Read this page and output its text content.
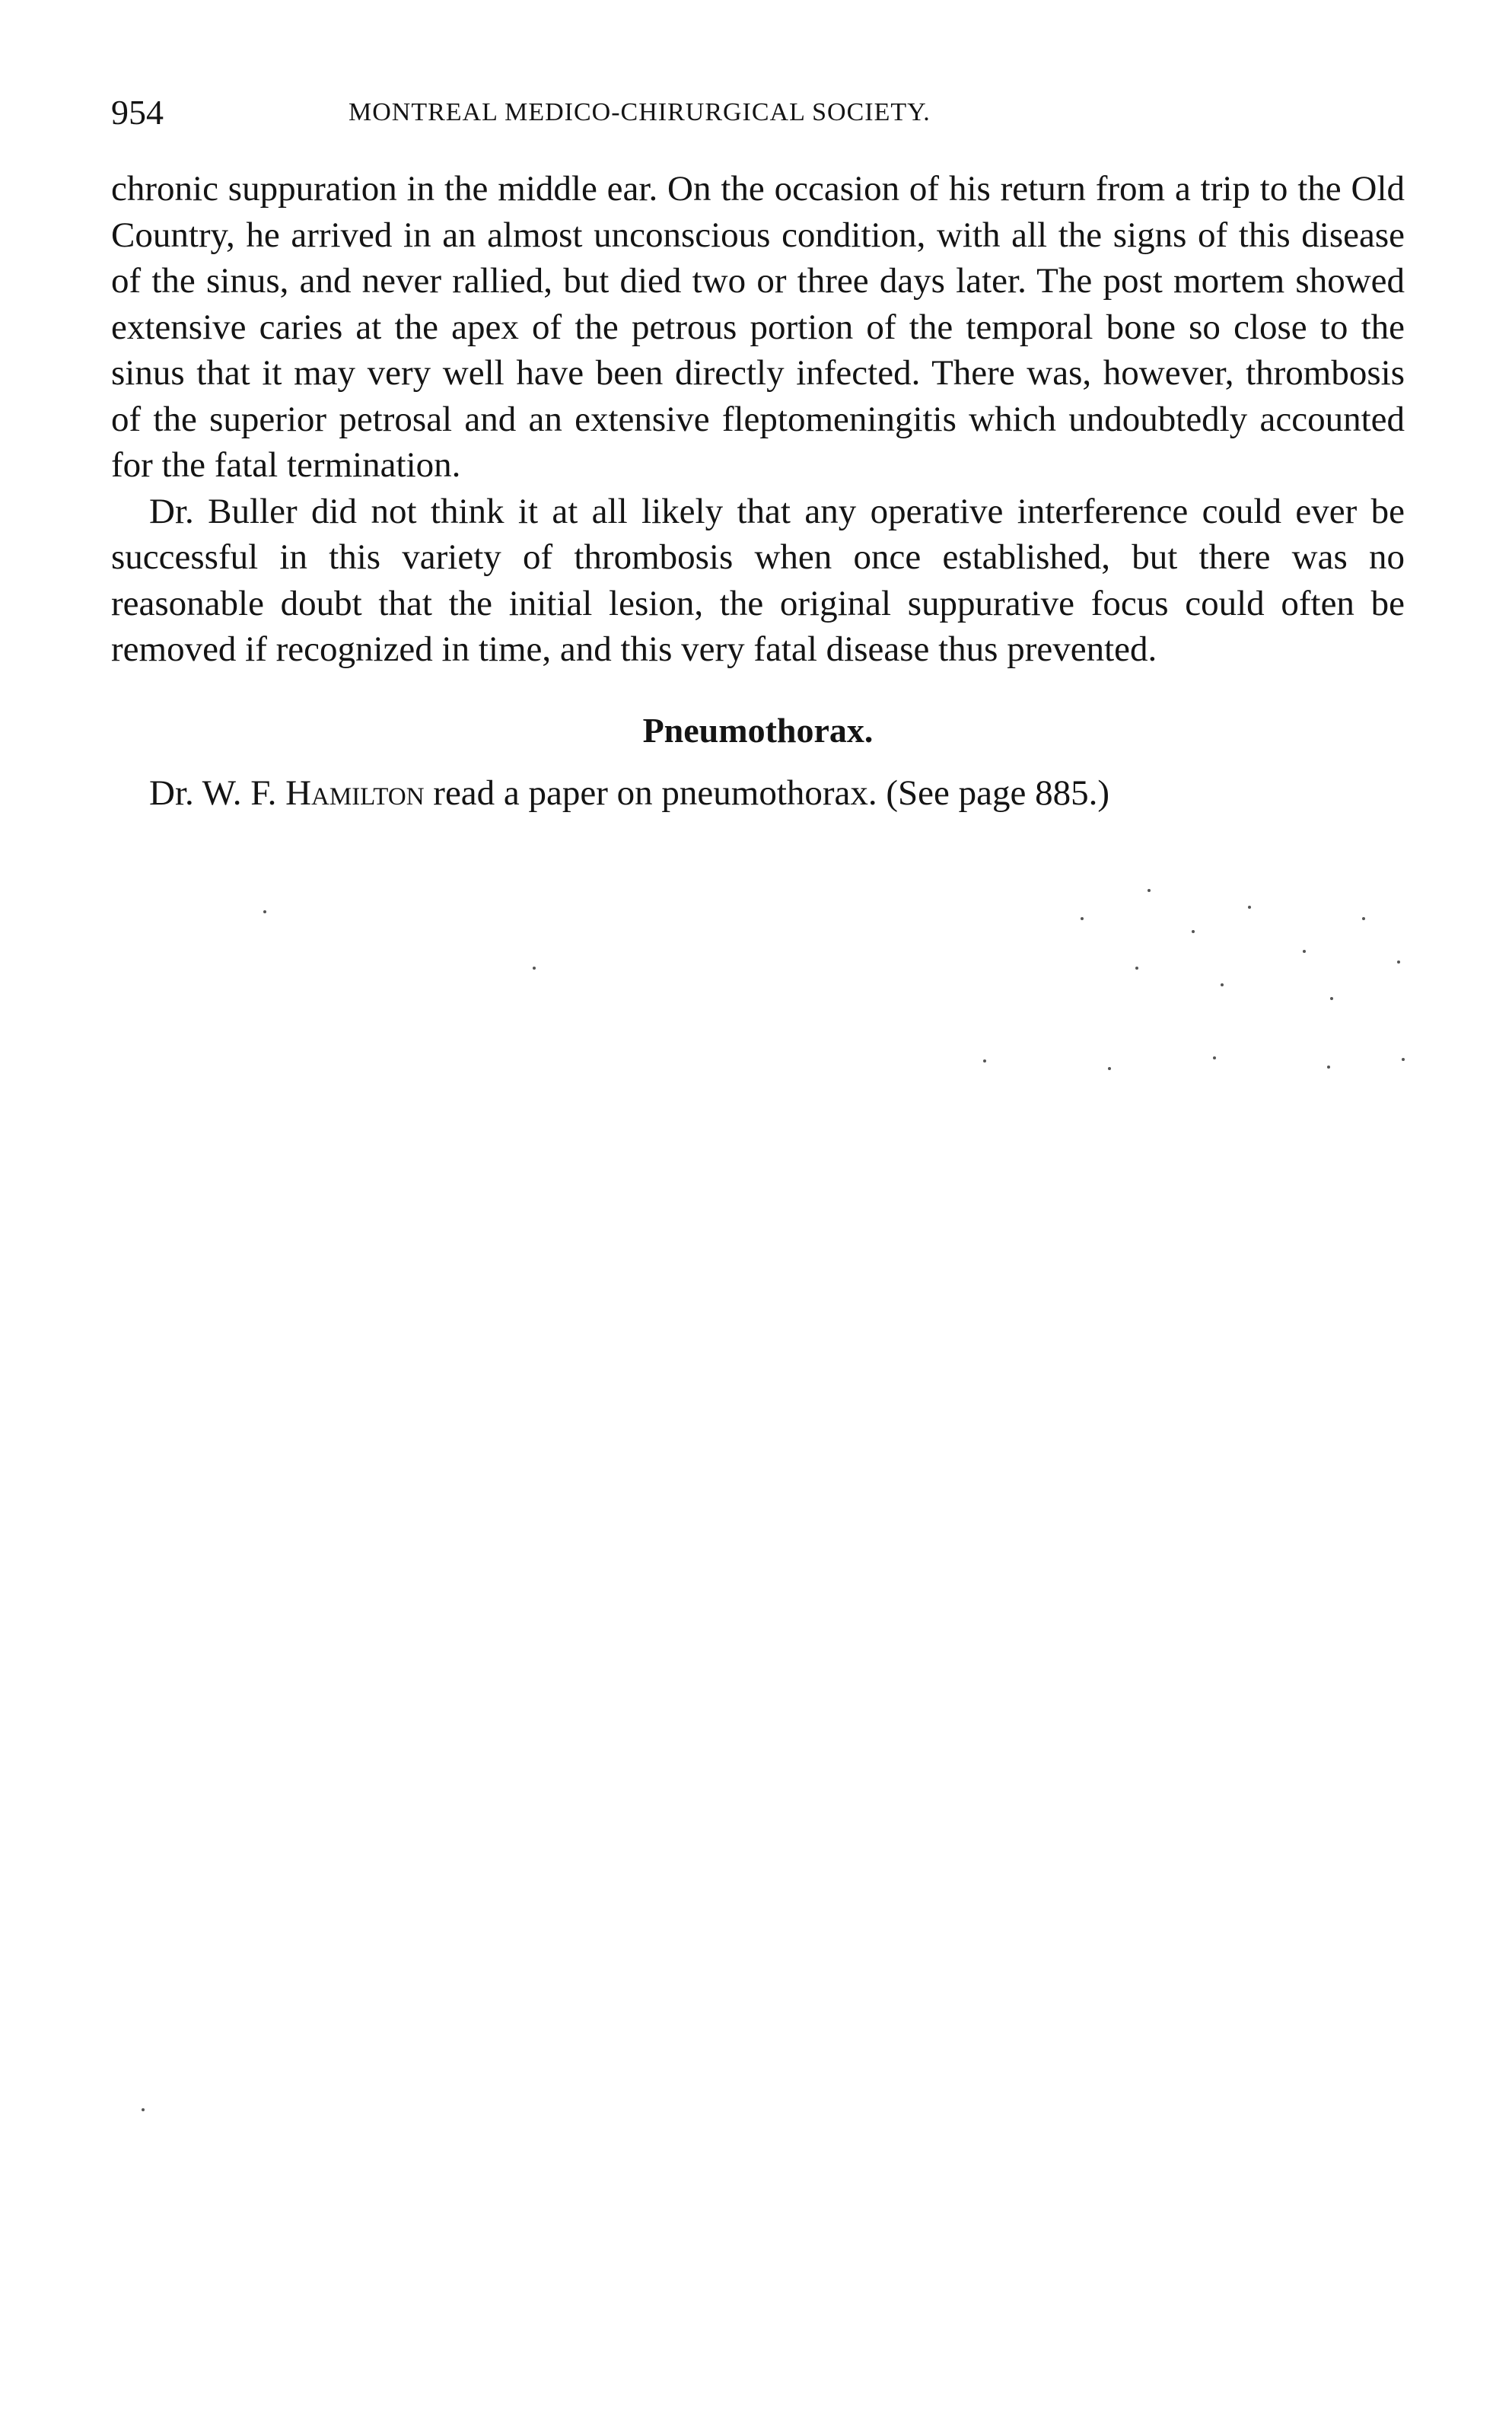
954	MONTREAL MEDICO-CHIRURGICAL SOCIETY.

chronic suppuration in the middle ear. On the occasion of his return from a trip to the Old Country, he arrived in an almost unconscious condition, with all the signs of this disease of the sinus, and never rallied, but died two or three days later. The post mortem showed extensive caries at the apex of the petrous portion of the temporal bone so close to the sinus that it may very well have been directly infected. There was, however, thrombosis of the superior petrosal and an extensive fleptomeningitis which undoubtedly accounted for the fatal termination.

Dr. Buller did not think it at all likely that any operative interference could ever be successful in this variety of thrombosis when once established, but there was no reasonable doubt that the initial lesion, the original suppurative focus could often be removed if recognized in time, and this very fatal disease thus prevented.

Pneumothorax.

Dr. W. F. Hamilton read a paper on pneumothorax. (See page 885.)
